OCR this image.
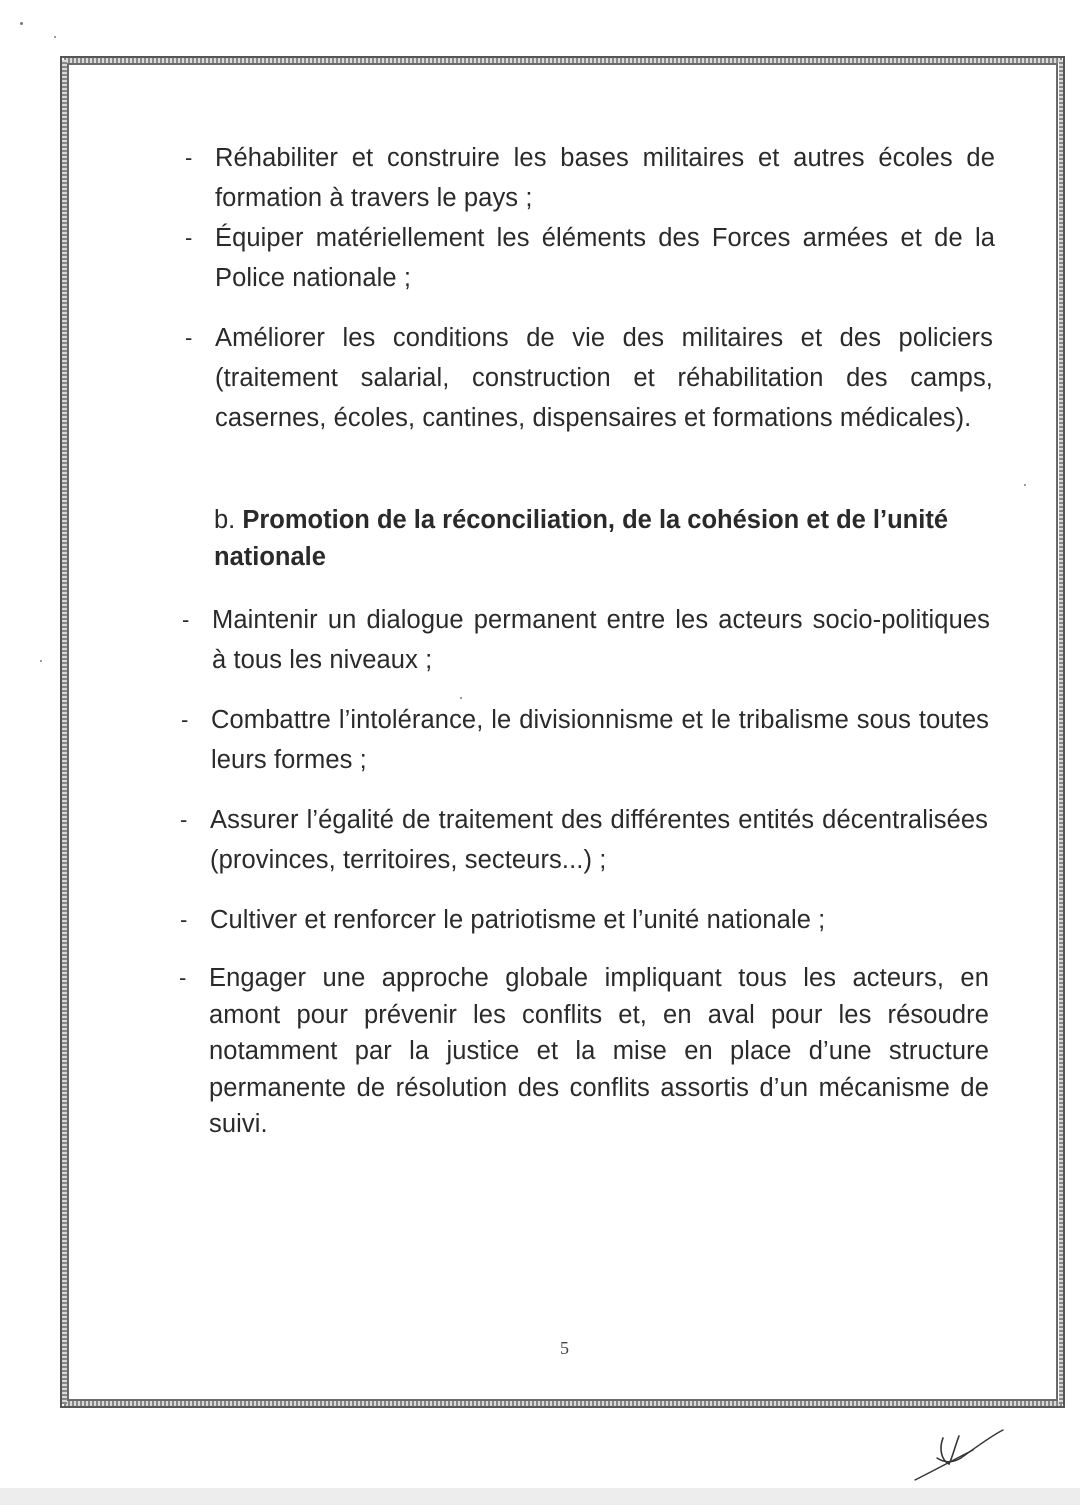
- Réhabiliter et construire les bases militaires et autres écoles de formation à travers le pays ;
- Équiper matériellement les éléments des Forces armées et de la Police nationale ;
- Améliorer les conditions de vie des militaires et des policiers (traitement salarial, construction et réhabilitation des camps, casernes, écoles, cantines, dispensaires et formations médicales).
b. Promotion de la réconciliation, de la cohésion et de l’unité nationale
- Maintenir un dialogue permanent entre les acteurs socio-politiques à tous les niveaux ;
- Combattre l’intolérance, le divisionnisme et le tribalisme sous toutes leurs formes ;
- Assurer l’égalité de traitement des différentes entités décentralisées (provinces, territoires, secteurs...) ;
- Cultiver et renforcer le patriotisme et l’unité nationale ;
- Engager une approche globale impliquant tous les acteurs, en amont pour prévenir les conflits et, en aval pour les résoudre notamment par la justice et la mise en place d’une structure permanente de résolution des conflits assortis d’un mécanisme de suivi.
5
